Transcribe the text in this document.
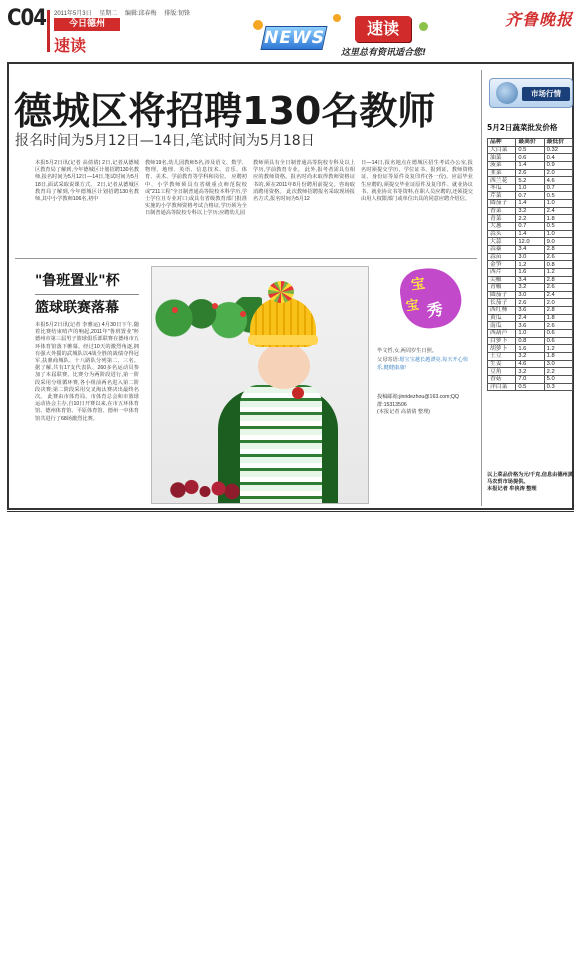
C04 2011年5月3日 星期二 编辑:邱春梅 排版:韧锋
今日德州
速读	NEWS	速读
这里总有资讯适合您!
齐鲁晚报
德城区将招聘130名教师
报名时间为5月12日—14日,笔试时间为5月18日
本报5月2日讯(记者 高倩倩) 2日,记者从德城区教育局了解到,今年德城区计划招聘130名教师,报名时间为5月12日—14日,笔试时间为5月18日,面试采取说课方式。 2日,记者从德城区教育局了解到,今年德城区计划招聘130名教师,其中小学教师106名,初中
教师19名,幼儿园教师5名,涉及语文、数学、物理、地理、英语、信息技术、音乐、体育、美术、学前教育等学科和岗位。 应聘初中、小学教师须具有省级重点师范院校或"211工程"全日制普通高等院校本科学历,学士学位且专业对口;或具有省级教育部门批准实施的小学教师资格考试合格证,学历须为全日制普通高等院校专科以上学历;应聘幼儿园
教师须具有全日制普通高等院校专科及以上学历,学前教育专业。 此外,报考者需具有相应的教师资格。报名时尚未取得教师资格证书的,须在2011年8月份聘用前提交。咨询取消聘用资格。 此次教师招聘报名采取现场报名方式,报名时间为5月12
日—14日,报名地点在德城区招生考试办公室,报名时须提交学历、学位证书、报到证、教师资格证、身份证等原件及复印件(各一份)、应届毕业生应聘的,须提交毕业证原件及复印件、就业协议书、就业协议书等资料,在职人员应聘的,还须提交由用人权限部门或单位出具的同意应聘介绍信。
"鲁班置业"杯
篮球联赛落幕
本报5月2日讯(记者 李雅运) 4月30日下午,随着比赛结束哨声的响起,2011年"鲁班置业"杯德州市第三届男子篮球俱乐部联赛在德州市五环体育馆落下帷幕。经过10天的激烈角逐,拥有强大外援的武城队以4战全胜的战绩夺得冠军,扶鼎商城队、十八路队分列第二、三名。 据了解,共有17支代表队、260多名运动员参加了本届联赛。比赛分为两阶段进行,第一阶段采用分组循环赛,各小组前两名进入第二阶段决赛;第二阶段采用交叉淘汰赛决出最终名次。 此赛由市体育局、市体育总会和市篮球运动协会主办,自10日开赛以来,在市五环体育馆、德州体育馆、平原体育馆、德州一中体育馆共进行了68场激烈比赛。
宝
宝 秀
毕文哲,女,两周岁生日照。
父母寄语:愿宝宝越长越漂亮,每天开心快乐,健健康康!
投稿邮箱:jinridezhou@163.com;QQ群:15313506
(本报记者 高倩倩 整理)
市场行情
5月2日蔬菜批发价格
品种	最高价	最低价
大白菜	0.5	0.32
油菜	0.6	0.4
菠菜	1.4	0.9
韭菜	2.6	2.0
西兰花	5.2	4.6
冬瓜	1.0	0.7
芹菜	0.7	0.5
圆茄子	1.4	1.0
香菜	3.2	2.4
青菜	2.2	1.8
大葱	0.7	0.5
蒜头	1.4	1.0
大蒜	12.0	9.0
蒜薹	3.4	2.8
蒜苗	3.0	2.6
金笋	1.2	0.8
西芹	1.6	1.2
尖椒	3.4	2.8
青椒	3.2	2.6
圆茄子	3.0	2.4
长茄子	2.6	2.0
西红柿	3.6	2.8
黄瓜	2.4	1.8
南瓜	3.6	2.6
西葫芦	1.0	0.6
白萝卜	0.8	0.6
胡萝卜	1.6	1.2
土豆	3.2	1.8
生姜	4.6	3.0
豆角	3.2	2.2
香菇	7.0	5.0
洋白菜	0.5	0.3
以上菜品价格为元/千克,信息由德州黑马农贸市场提供。
本报记者 牟侠涛 整理
